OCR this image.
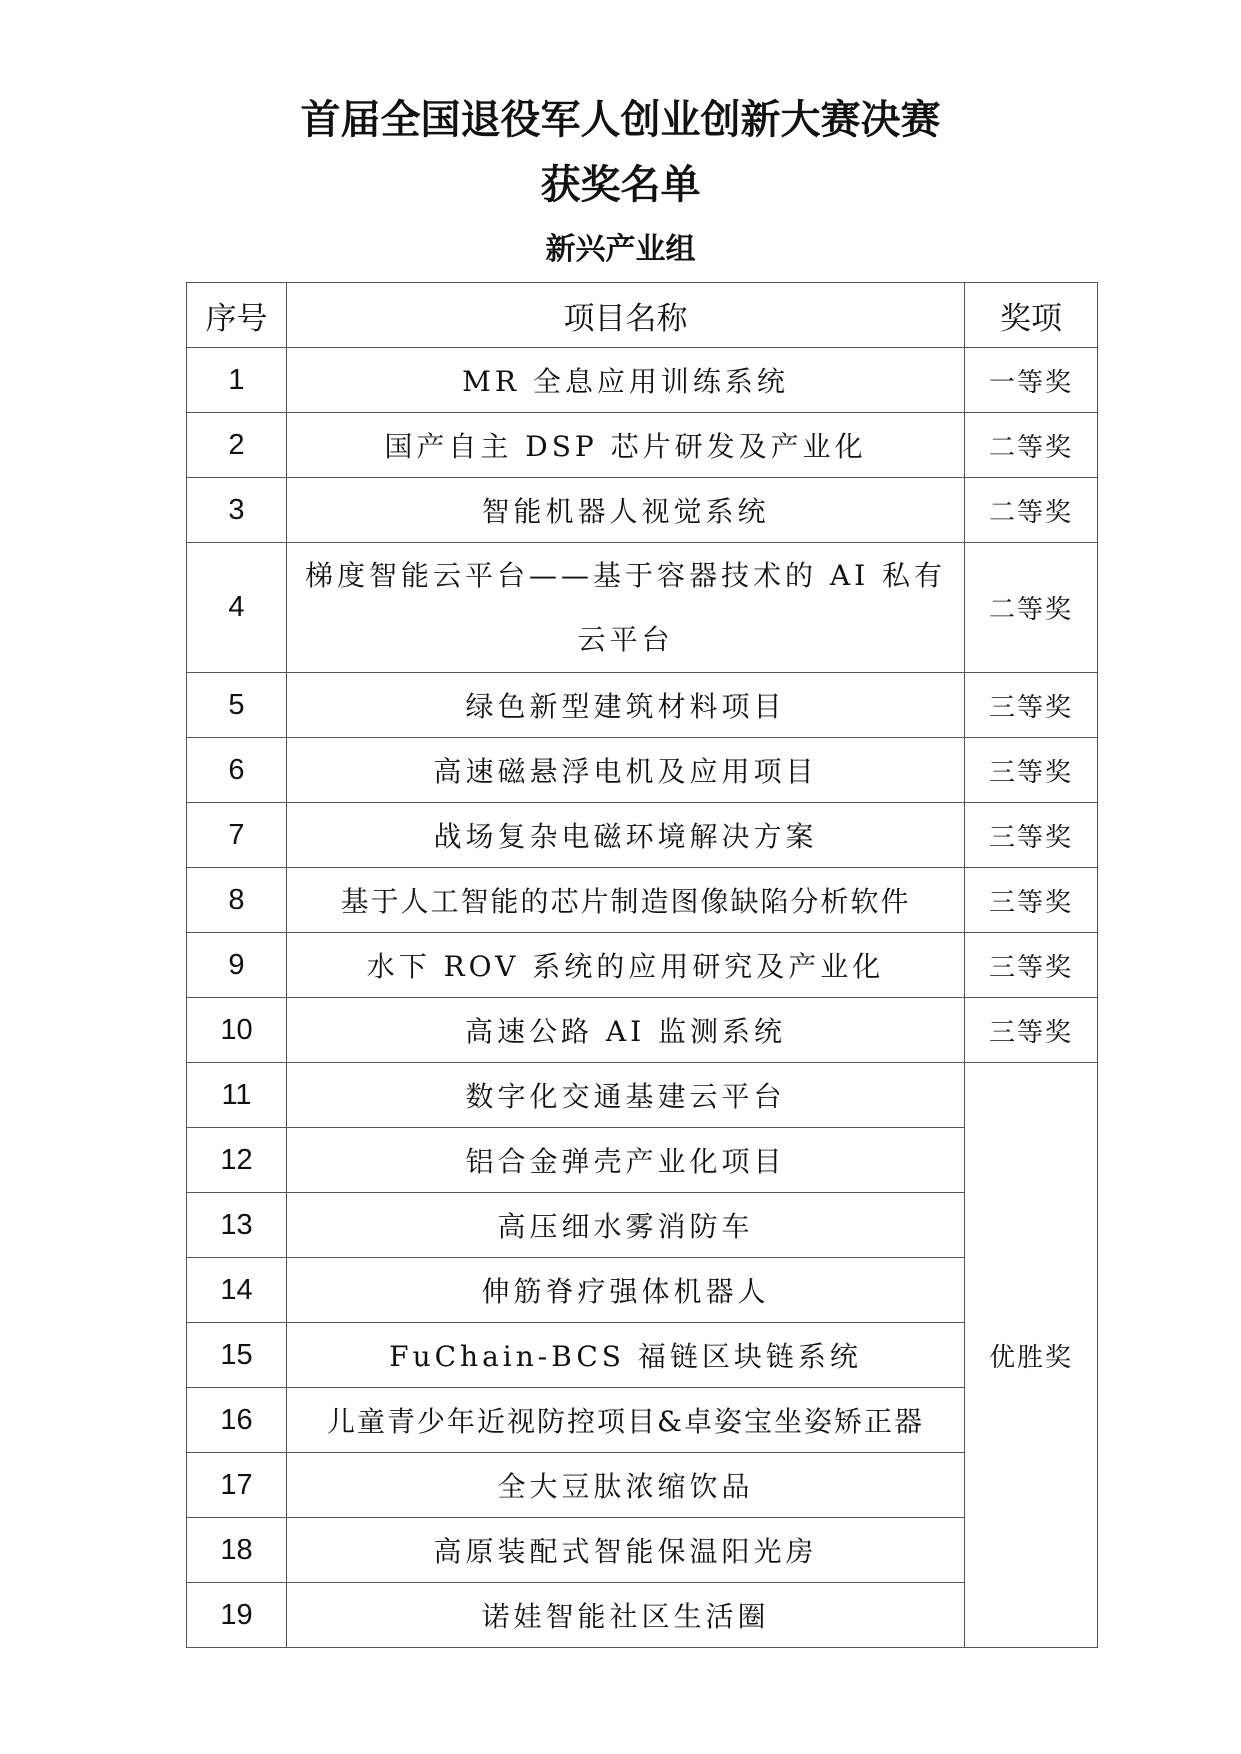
首届全国退役军人创业创新大赛决赛
获奖名单
新兴产业组
序号	项目名称	奖项
1	MR 全息应用训练系统	一等奖
2	国产自主 DSP 芯片研发及产业化	二等奖
3	智能机器人视觉系统	二等奖
4	梯度智能云平台——基于容器技术的 AI 私有
云平台	二等奖
5	绿色新型建筑材料项目	三等奖
6	高速磁悬浮电机及应用项目	三等奖
7	战场复杂电磁环境解决方案	三等奖
8	基于人工智能的芯片制造图像缺陷分析软件	三等奖
9	水下 ROV 系统的应用研究及产业化	三等奖
10	高速公路 AI 监测系统	三等奖
11	数字化交通基建云平台	优胜奖
12	铝合金弹壳产业化项目	
13	高压细水雾消防车	
14	伸筋脊疗强体机器人	
15	FuChain-BCS 福链区块链系统	
16	儿童青少年近视防控项目&卓姿宝坐姿矫正器	
17	全大豆肽浓缩饮品	
18	高原装配式智能保温阳光房	
19	诺娃智能社区生活圈	
